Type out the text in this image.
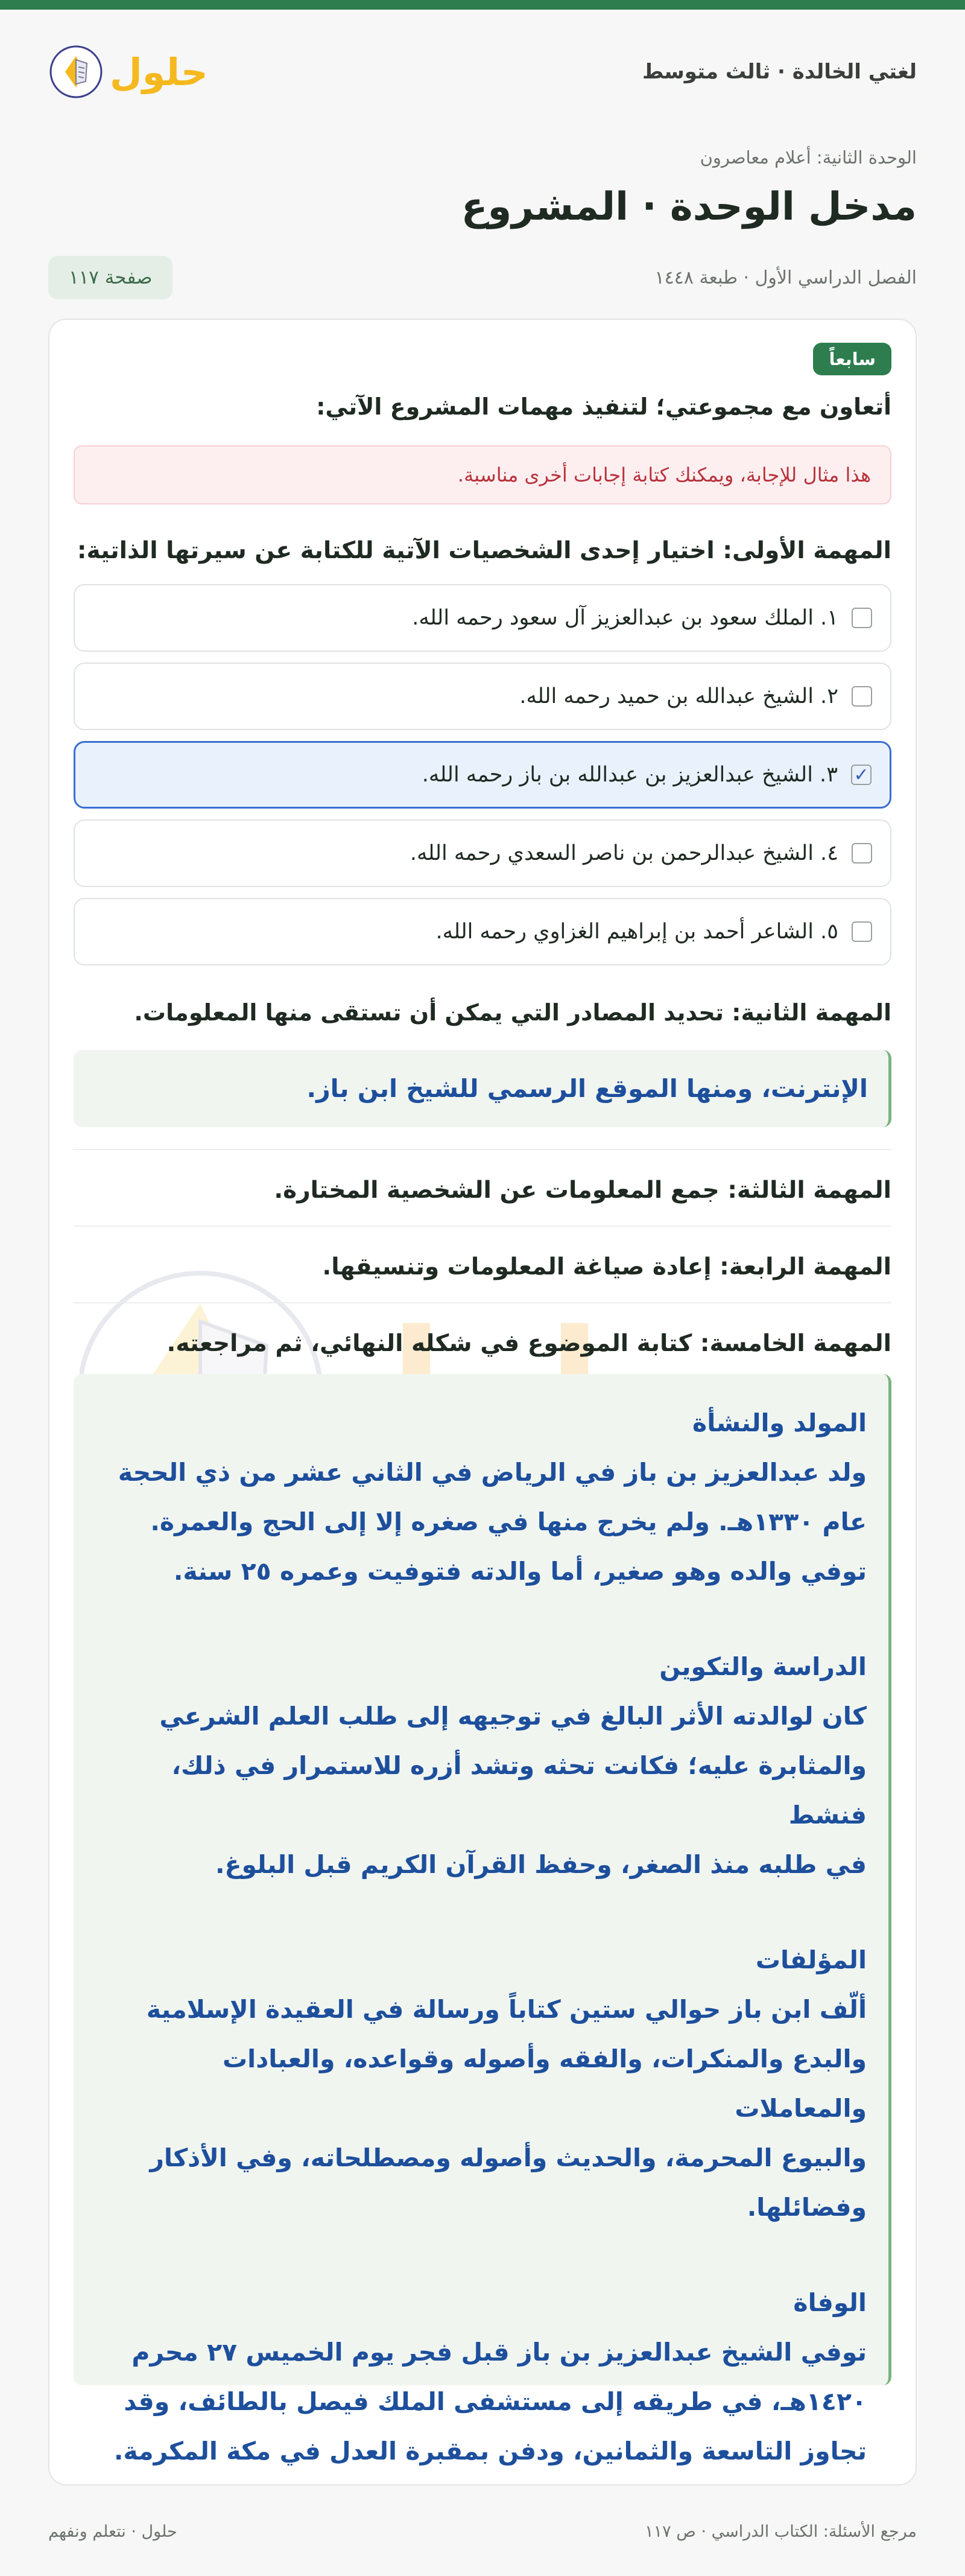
لغتي الخالدة · ثالث متوسط
حلول
الوحدة الثانية: أعلام معاصرون
مدخل الوحدة · المشروع
الفصل الدراسي الأول · طبعة ١٤٤٨
صفحة ١١٧
سابعاً
أتعاون مع مجموعتي؛ لتنفيذ مهمات المشروع الآتي:
هذا مثال للإجابة، ويمكنك كتابة إجابات أخرى مناسبة.
المهمة الأولى: اختيار إحدى الشخصيات الآتية للكتابة عن سيرتها الذاتية:
١. الملك سعود بن عبدالعزيز آل سعود رحمه الله.
٢. الشيخ عبدالله بن حميد رحمه الله.
✓
٣. الشيخ عبدالعزيز بن عبدالله بن باز رحمه الله.
٤. الشيخ عبدالرحمن بن ناصر السعدي رحمه الله.
٥. الشاعر أحمد بن إبراهيم الغزاوي رحمه الله.
المهمة الثانية: تحديد المصادر التي يمكن أن تستقى منها المعلومات.
الإنترنت، ومنها الموقع الرسمي للشيخ ابن باز.
المهمة الثالثة: جمع المعلومات عن الشخصية المختارة.
المهمة الرابعة: إعادة صياغة المعلومات وتنسيقها.
المهمة الخامسة: كتابة الموضوع في شكله النهائي، ثم مراجعته.
المولد والنشأة
ولد عبدالعزيز بن باز في الرياض في الثاني عشر من ذي الحجة
عام ١٣٣٠هـ. ولم يخرج منها في صغره إلا إلى الحج والعمرة.
توفي والده وهو صغير، أما والدته فتوفيت وعمره ٢٥ سنة.
الدراسة والتكوين
كان لوالدته الأثر البالغ في توجيهه إلى طلب العلم الشرعي
والمثابرة عليه؛ فكانت تحثه وتشد أزره للاستمرار في ذلك، فنشط
في طلبه منذ الصغر، وحفظ القرآن الكريم قبل البلوغ.
المؤلفات
ألّف ابن باز حوالي ستين كتاباً ورسالة في العقيدة الإسلامية
والبدع والمنكرات، والفقه وأصوله وقواعده، والعبادات والمعاملات
والبيوع المحرمة، والحديث وأصوله ومصطلحاته، وفي الأذكار
وفضائلها.
الوفاة
توفي الشيخ عبدالعزيز بن باز قبل فجر يوم الخميس ٢٧ محرم
١٤٢٠هـ، في طريقه إلى مستشفى الملك فيصل بالطائف، وقد
تجاوز التاسعة والثمانين، ودفن بمقبرة العدل في مكة المكرمة.
مرجع الأسئلة: الكتاب الدراسي · ص ١١٧
حلول · نتعلم ونفهم
